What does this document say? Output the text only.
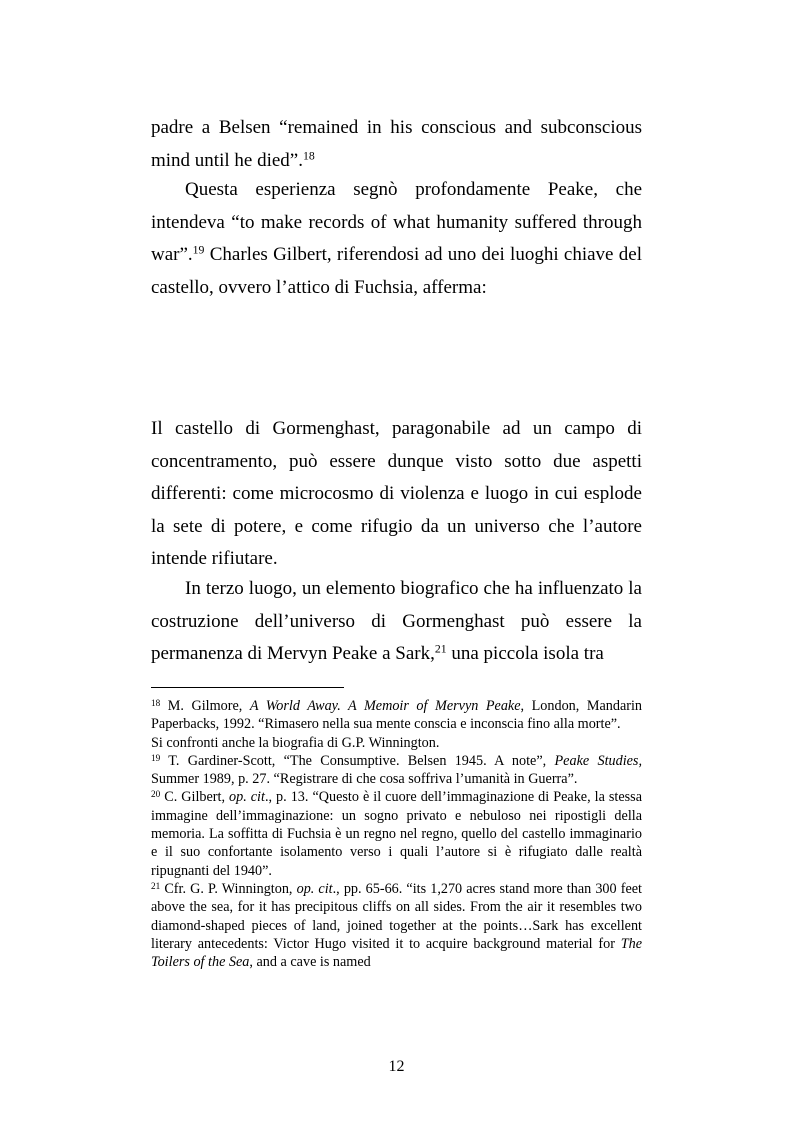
padre a Belsen “remained in his conscious and subconscious mind until he died”.$^{18}$

Questa esperienza segnò profondamente Peake, che intendeva “to make records of what humanity suffered through war”.$^{19}$ Charles Gilbert, riferendosi ad uno dei luoghi chiave del castello, ovvero l’attico di Fuchsia, afferma:

Il castello di Gormenghast, paragonabile ad un campo di concentramento, può essere dunque visto sotto due aspetti differenti: come microcosmo di violenza e luogo in cui esplode la sete di potere, e come rifugio da un universo che l’autore intende rifiutare.

In terzo luogo, un elemento biografico che ha influenzato la costruzione dell’universo di Gormenghast può essere la permanenza di Mervyn Peake a Sark,$^{21}$ una piccola isola tra

$^{18}$ M. Gilmore, A World Away. A Memoir of Mervyn Peake, London, Mandarin Paperbacks, 1992. “Rimasero nella sua mente conscia e inconscia fino alla morte”.

Si confronti anche la biografia di G.P. Winnington.

$^{19}$ T. Gardiner-Scott, “The Consumptive. Belsen 1945. A note”, Peake Studies, Summer 1989, p. 27. “Registrare di che cosa soffriva l’umanità in Guerra”.

$^{20}$ C. Gilbert, op. cit., p. 13. “Questo è il cuore dell’immaginazione di Peake, la stessa immagine dell’immaginazione: un sogno privato e nebuloso nei ripostigli della memoria. La soffitta di Fuchsia è un regno nel regno, quello del castello immaginario e il suo confortante isolamento verso i quali l’autore si è rifugiato dalle realtà ripugnanti del 1940”.

$^{21}$ Cfr. G. P. Winnington, op. cit., pp. 65-66. “its 1,270 acres stand more than 300 feet above the sea, for it has precipitous cliffs on all sides. From the air it resembles two diamond-shaped pieces of land, joined together at the points…Sark has excellent literary antecedents: Victor Hugo visited it to acquire background material for The Toilers of the Sea, and a cave is named

12
